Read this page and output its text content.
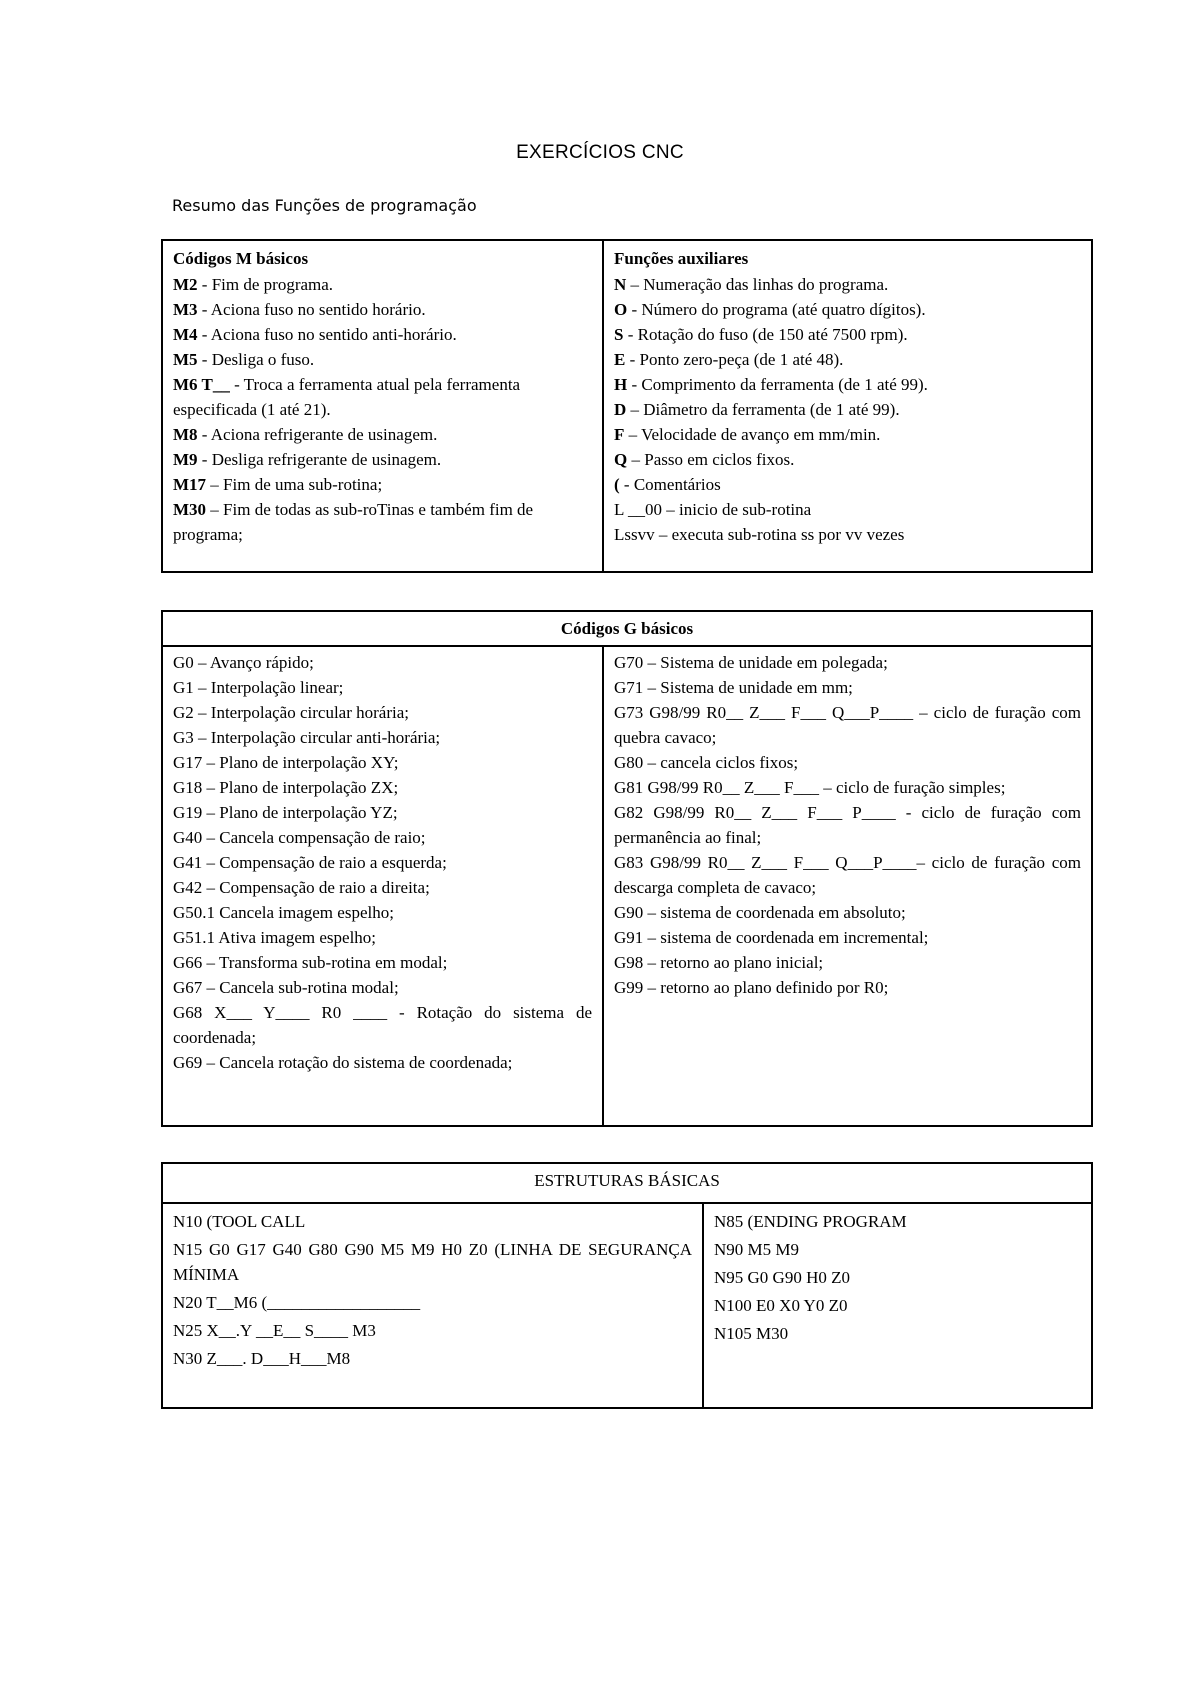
EXERCÍCIOS CNC
Resumo das Funções de programação
Códigos M básicos
M2 - Fim de programa.
M3 - Aciona fuso no sentido horário.
M4 - Aciona fuso no sentido anti-horário.
M5 - Desliga o fuso.
M6 T__ - Troca a ferramenta atual pela ferramenta especificada (1 até 21).
M8 - Aciona refrigerante de usinagem.
M9 - Desliga refrigerante de usinagem.
M17 – Fim de uma sub-rotina;
M30 – Fim de todas as sub-roTinas e também fim de programa;

Funções auxiliares
N – Numeração das linhas do programa.
O - Número do programa (até quatro dígitos).
S - Rotação do fuso (de 150 até 7500 rpm).
E - Ponto zero-peça (de 1 até 48).
H - Comprimento da ferramenta (de 1 até 99).
D – Diâmetro da ferramenta (de 1 até 99).
F – Velocidade de avanço em mm/min.
Q – Passo em ciclos fixos.
( - Comentários
L __00 – inicio de sub-rotina
Lssvv – executa sub-rotina ss por vv vezes
Códigos G básicos

G0 – Avanço rápido;
G1 – Interpolação linear;
G2 – Interpolação circular horária;
G3 – Interpolação circular anti-horária;
G17 – Plano de interpolação XY;
G18 – Plano de interpolação ZX;
G19 – Plano de interpolação YZ;
G40 – Cancela compensação de raio;
G41 – Compensação de raio a esquerda;
G42 – Compensação de raio a direita;
G50.1 Cancela imagem espelho;
G51.1 Ativa imagem espelho;
G66 – Transforma sub-rotina em modal;
G67 – Cancela sub-rotina modal;
G68 X___ Y____ R0 ____ - Rotação do sistema de coordenada;
G69 – Cancela rotação do sistema de coordenada;

G70 – Sistema de unidade em polegada;
G71 – Sistema de unidade em mm;
G73 G98/99 R0__ Z___ F___ Q___P____ – ciclo de furação com quebra cavaco;
G80 – cancela ciclos fixos;
G81 G98/99 R0__ Z___ F___ – ciclo de furação simples;
G82 G98/99 R0__ Z___ F___ P____ - ciclo de furação com permanência ao final;
G83 G98/99 R0__ Z___ F___ Q___P____– ciclo de furação com descarga completa de cavaco;
G90 – sistema de coordenada em absoluto;
G91 – sistema de coordenada em incremental;
G98 – retorno ao plano inicial;
G99 – retorno ao plano definido por R0;
ESTRUTURAS BÁSICAS

N10 (TOOL CALL
N15 G0 G17 G40 G80 G90 M5 M9 H0 Z0 (LINHA DE SEGURANÇA MÍNIMA
N20 T__M6 (__________________
N25 X__.Y __E__ S____ M3
N30 Z___. D___H___M8

N85 (ENDING PROGRAM
N90 M5 M9
N95 G0 G90 H0 Z0
N100 E0 X0 Y0 Z0
N105 M30
